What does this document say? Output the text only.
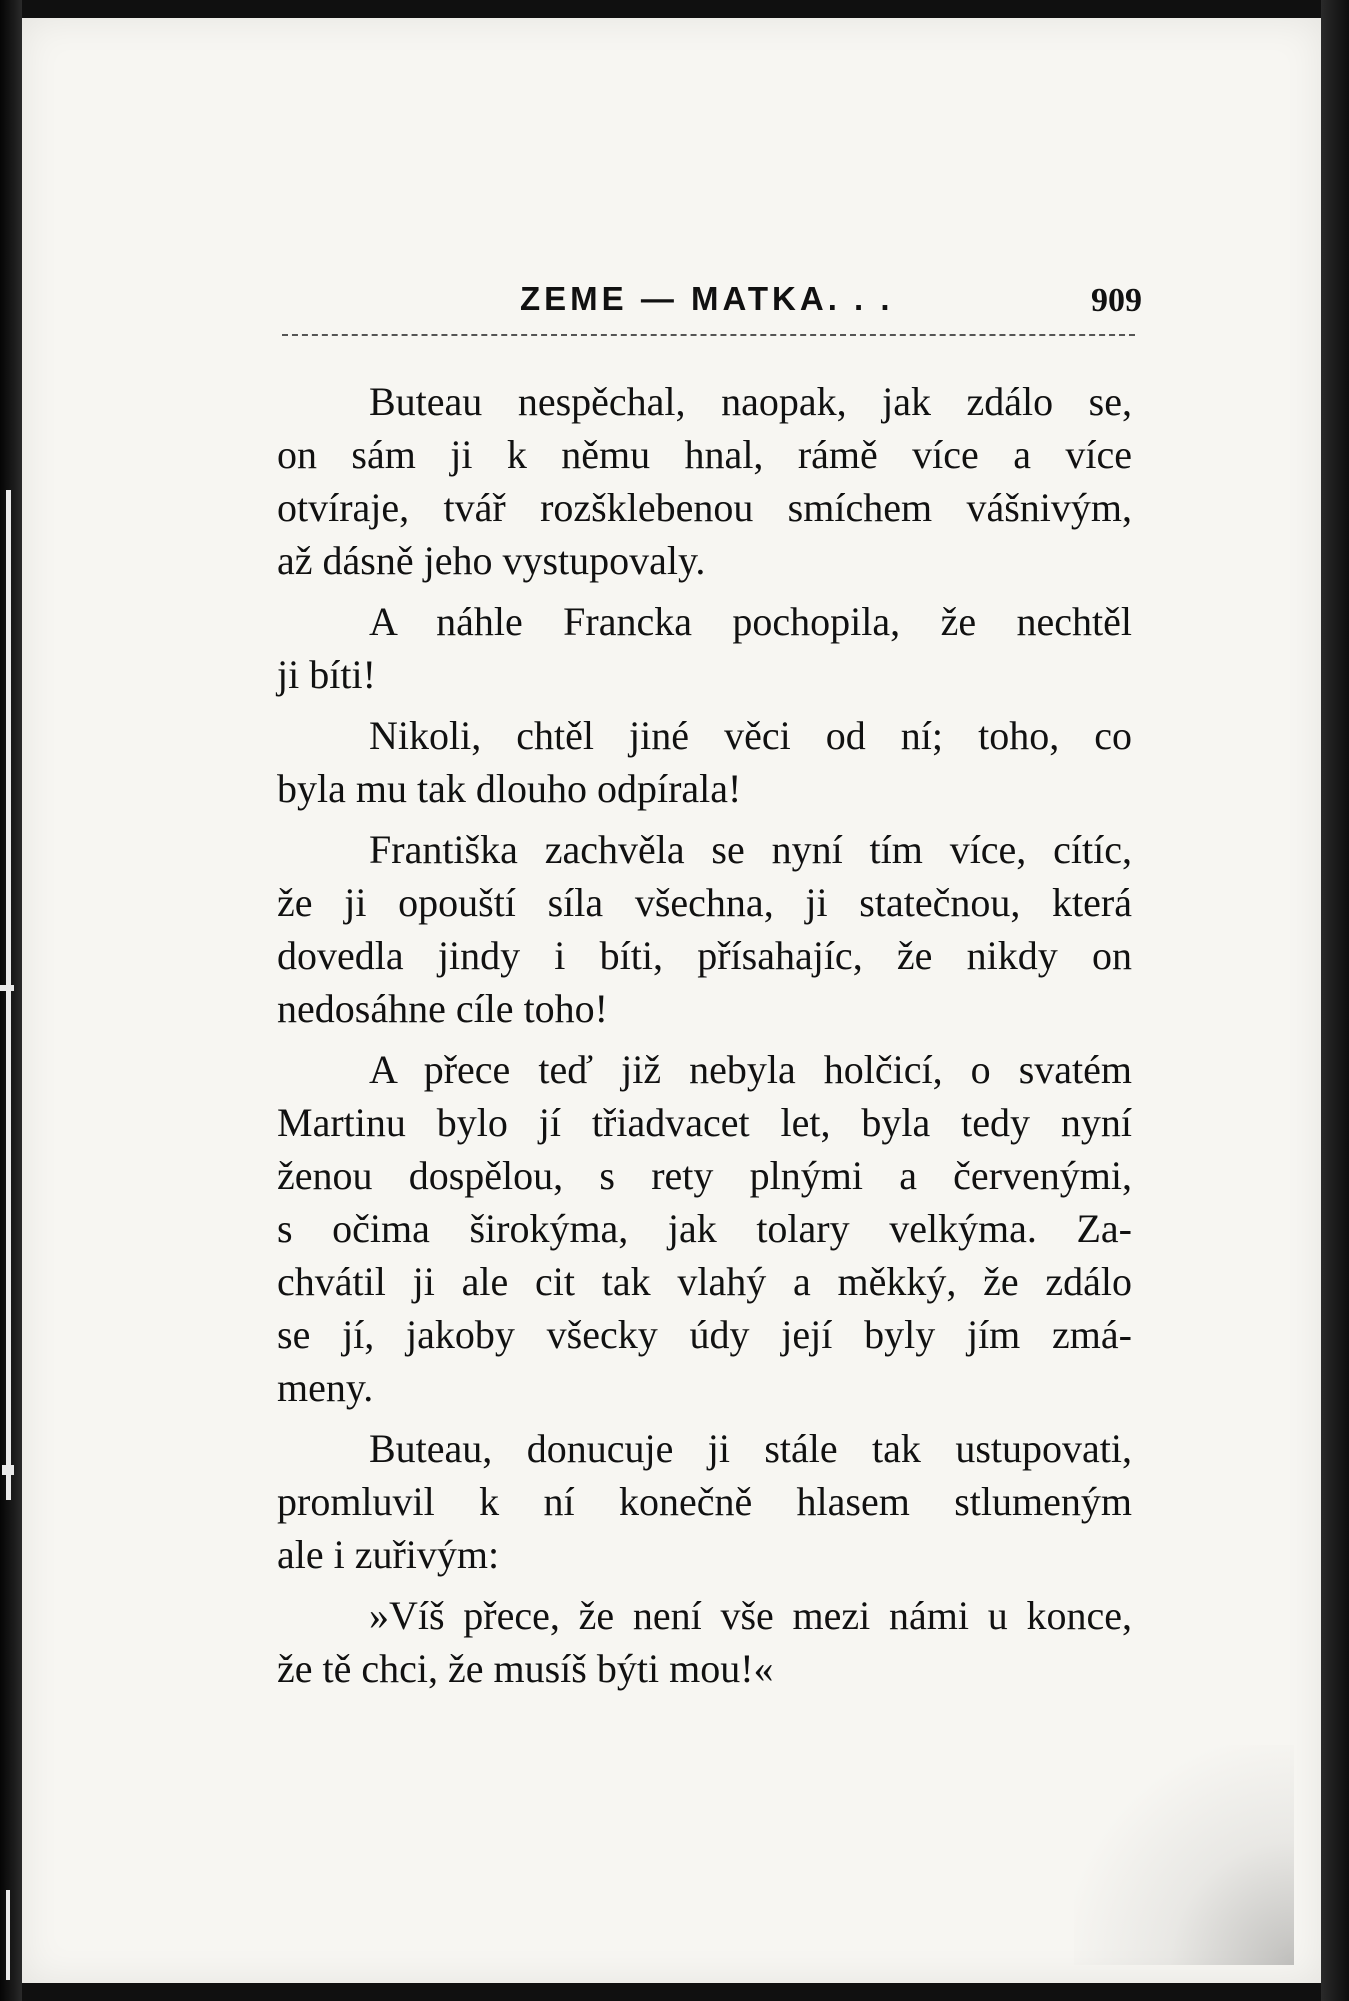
ZEME — MATKA. . .	909
Buteau nespěchal, naopak, jak zdálo se,
on sám ji k němu hnal, rámě více a více
otvíraje, tvář rozšklebenou smíchem vášnivým,
až dásně jeho vystupovaly.
A náhle Francka pochopila, že nechtěl
ji bíti!
Nikoli, chtěl jiné věci od ní; toho, co
byla mu tak dlouho odpírala!
Františka zachvěla se nyní tím více, cítíc,
že ji opouští síla všechna, ji statečnou, která
dovedla jindy i bíti, přísahajíc, že nikdy on
nedosáhne cíle toho!
A přece teď již nebyla holčicí, o svatém
Martinu bylo jí třiadvacet let, byla tedy nyní
ženou dospělou, s rety plnými a červenými,
s očima širokýma, jak tolary velkýma. Za-
chvátil ji ale cit tak vlahý a měkký, že zdálo
se jí, jakoby všecky údy její byly jím zmá-
meny.
Buteau, donucuje ji stále tak ustupovati,
promluvil k ní konečně hlasem stlumeným
ale i zuřivým:
»Víš přece, že není vše mezi námi u konce,
že tě chci, že musíš býti mou!«
